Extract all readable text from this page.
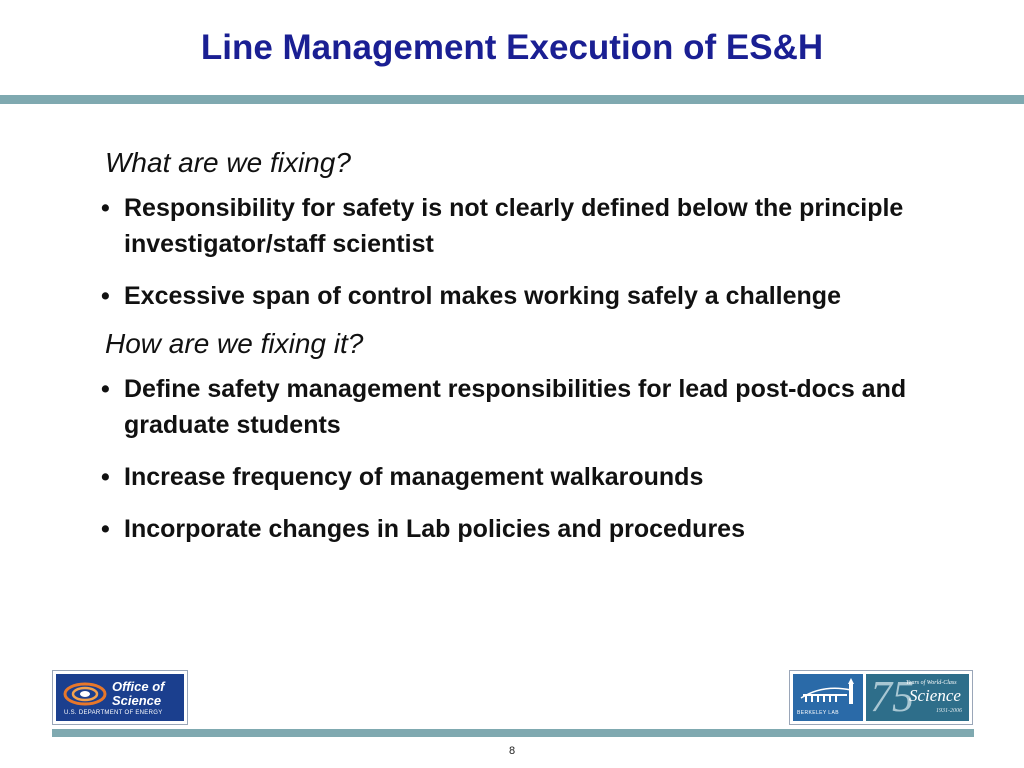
Line Management Execution of ES&H

What are we fixing?

• Responsibility for safety is not clearly defined below the principle investigator/staff scientist

• Excessive span of control makes working safely a challenge

How are we fixing it?

• Define safety management responsibilities for lead post-docs and graduate students

• Increase frequency of management walkarounds

• Incorporate changes in Lab policies and procedures

Office of
Science
U.S. DEPARTMENT OF ENERGY	BERKELEY LAB 75
Years of World-Class
Science
1931-2006
8
